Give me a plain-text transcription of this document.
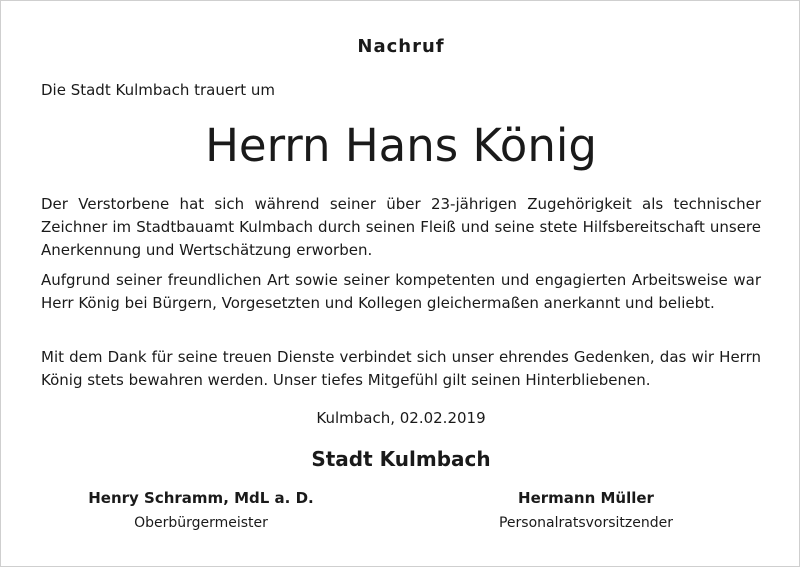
Nachruf
Die Stadt Kulmbach trauert um
Herrn Hans König

Der Verstorbene hat sich während seiner über 23-jährigen Zugehörigkeit als technischer Zeichner im Stadtbauamt Kulmbach durch seinen Fleiß und seine stete Hilfsbereitschaft unsere Anerkennung und Wertschätzung erworben.

Aufgrund seiner freundlichen Art sowie seiner kompetenten und engagierten Arbeitsweise war Herr König bei Bürgern, Vorgesetzten und Kollegen gleichermaßen anerkannt und beliebt.

Mit dem Dank für seine treuen Dienste verbindet sich unser ehrendes Gedenken, das wir Herrn König stets bewahren werden. Unser tiefes Mitgefühl gilt seinen Hinterbliebenen.

Kulmbach, 02.02.2019
Stadt Kulmbach
Henry Schramm, MdL a. D.
Oberbürgermeister
Hermann Müller
Personalratsvorsitzender
